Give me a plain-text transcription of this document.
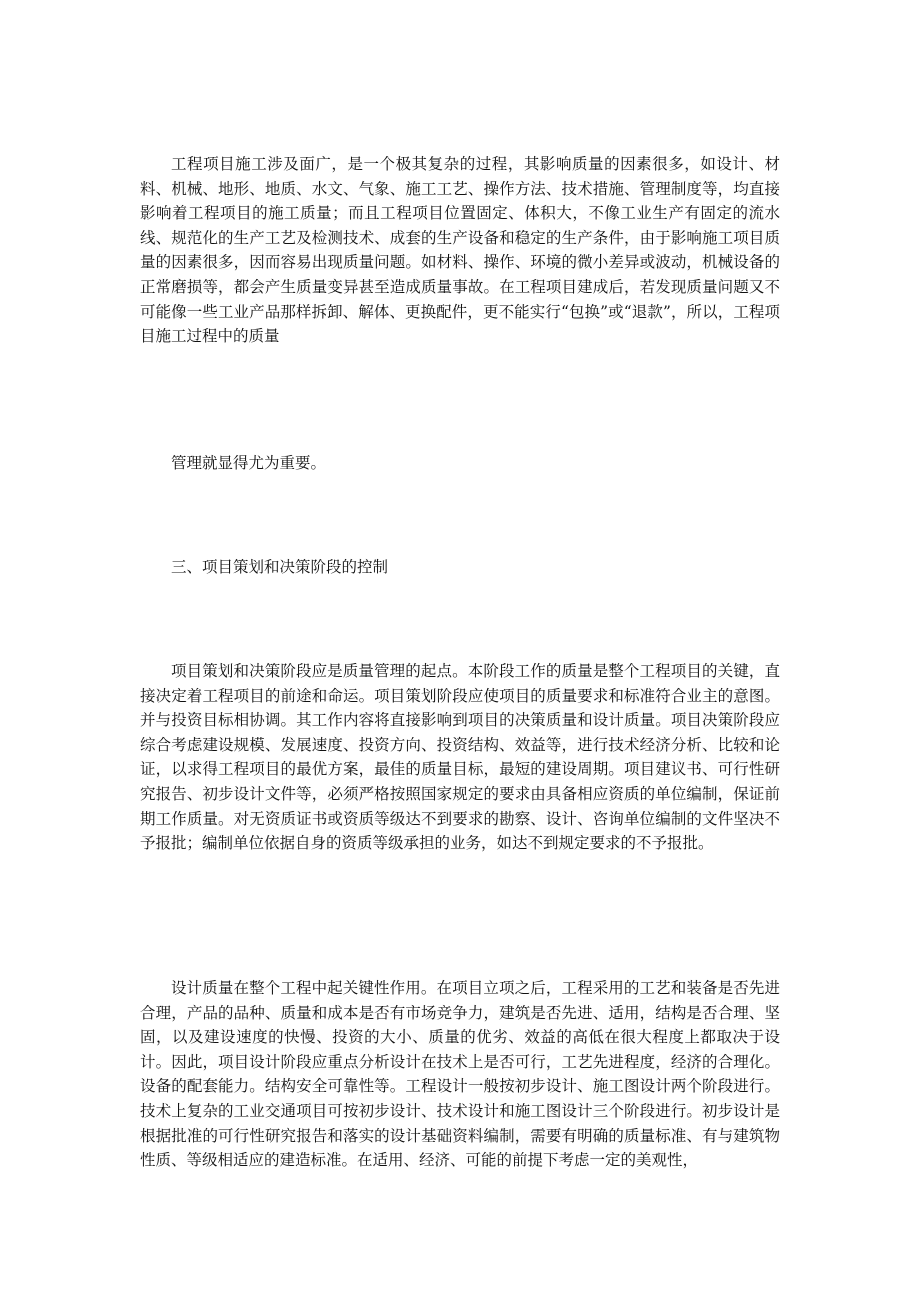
工程项目施工涉及面广，是一个极其复杂的过程，其影响质量的因素很多，如设计、材料、机械、地形、地质、水文、气象、施工工艺、操作方法、技术措施、管理制度等，均直接影响着工程项目的施工质量；而且工程项目位置固定、体积大，不像工业生产有固定的流水线、规范化的生产工艺及检测技术、成套的生产设备和稳定的生产条件，由于影响施工项目质量的因素很多，因而容易出现质量问题。如材料、操作、环境的微小差异或波动，机械设备的正常磨损等，都会产生质量变异甚至造成质量事故。在工程项目建成后，若发现质量问题又不可能像一些工业产品那样拆卸、解体、更换配件，更不能实行“包换”或“退款”，所以，工程项目施工过程中的质量

管理就显得尤为重要。

三、项目策划和决策阶段的控制

项目策划和决策阶段应是质量管理的起点。本阶段工作的质量是整个工程项目的关键，直接决定着工程项目的前途和命运。项目策划阶段应使项目的质量要求和标准符合业主的意图。并与投资目标相协调。其工作内容将直接影响到项目的决策质量和设计质量。项目决策阶段应综合考虑建设规模、发展速度、投资方向、投资结构、效益等，进行技术经济分析、比较和论证，以求得工程项目的最优方案，最佳的质量目标，最短的建设周期。项目建议书、可行性研究报告、初步设计文件等，必须严格按照国家规定的要求由具备相应资质的单位编制，保证前期工作质量。对无资质证书或资质等级达不到要求的勘察、设计、咨询单位编制的文件坚决不予报批；编制单位依据自身的资质等级承担的业务，如达不到规定要求的不予报批。

设计质量在整个工程中起关键性作用。在项目立项之后，工程采用的工艺和装备是否先进合理，产品的品种、质量和成本是否有市场竞争力，建筑是否先进、适用，结构是否合理、坚固，以及建设速度的快慢、投资的大小、质量的优劣、效益的高低在很大程度上都取决于设计。因此，项目设计阶段应重点分析设计在技术上是否可行，工艺先进程度，经济的合理化。设备的配套能力。结构安全可靠性等。工程设计一般按初步设计、施工图设计两个阶段进行。技术上复杂的工业交通项目可按初步设计、技术设计和施工图设计三个阶段进行。初步设计是根据批准的可行性研究报告和落实的设计基础资料编制，需要有明确的质量标准、有与建筑物性质、等级相适应的建造标准。在适用、经济、可能的前提下考虑一定的美观性，
